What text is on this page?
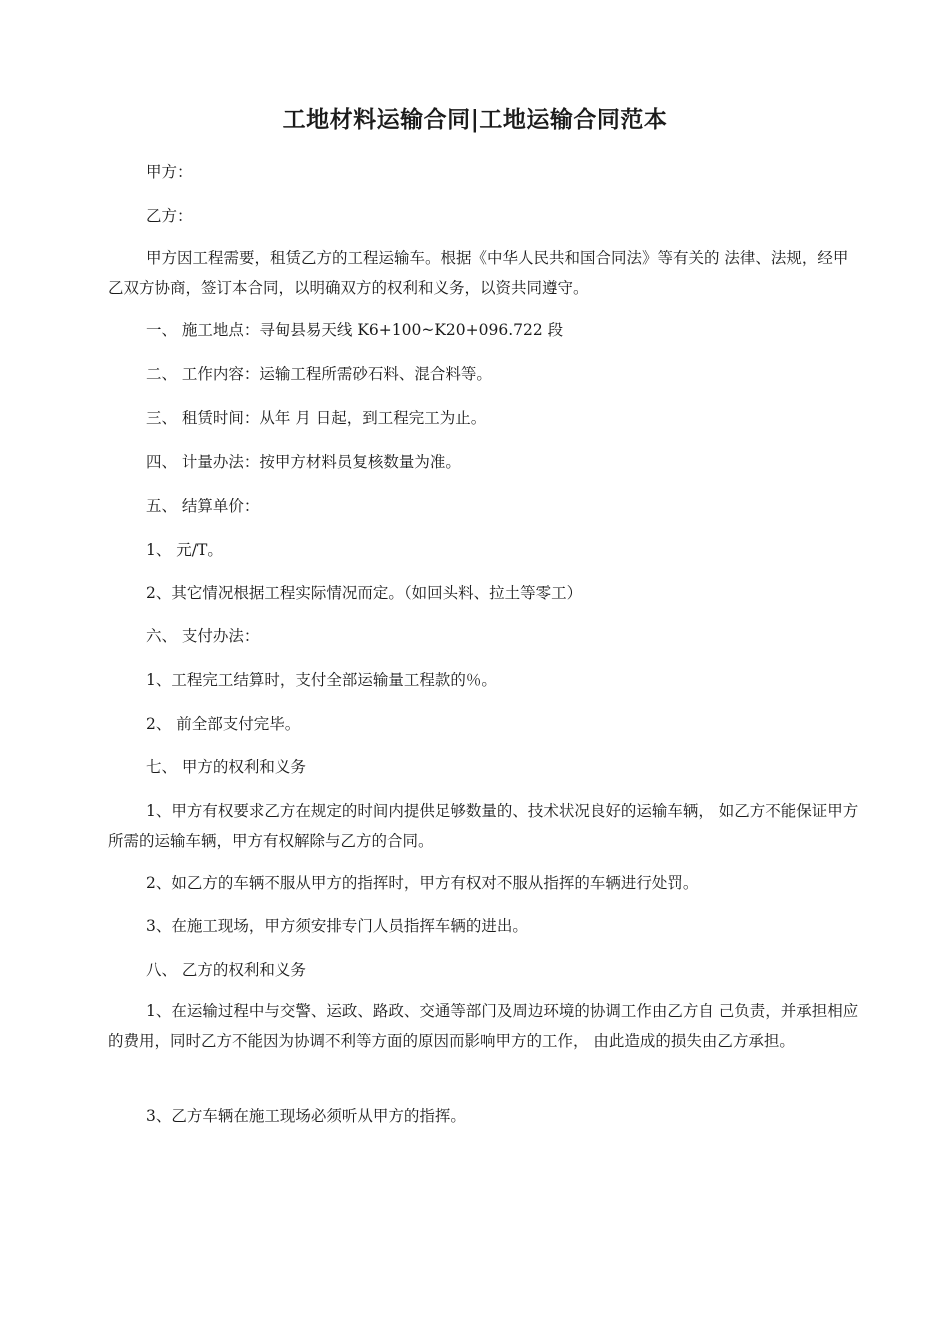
工地材料运输合同|工地运输合同范本

甲方：

乙方：

甲方因工程需要，租赁乙方的工程运输车。根据《中华人民共和国合同法》等有关的 法律、法规，经甲乙双方协商，签订本合同，以明确双方的权利和义务，以资共同遵守。

一、 施工地点：寻甸县易天线 K6+100~K20+096.722 段

二、 工作内容：运输工程所需砂石料、混合料等。

三、 租赁时间：从年 月 日起，到工程完工为止。

四、 计量办法：按甲方材料员复核数量为准。

五、 结算单价：

1、 元/T。

2、其它情况根据工程实际情况而定。（如回头料、拉土等零工）

六、 支付办法：

1、工程完工结算时，支付全部运输量工程款的％。

2、 前全部支付完毕。

七、 甲方的权利和义务

1、甲方有权要求乙方在规定的时间内提供足够数量的、技术状况良好的运输车辆， 如乙方不能保证甲方所需的运输车辆，甲方有权解除与乙方的合同。

2、如乙方的车辆不服从甲方的指挥时，甲方有权对不服从指挥的车辆进行处罚。

3、在施工现场，甲方须安排专门人员指挥车辆的进出。

八、 乙方的权利和义务

1、在运输过程中与交警、运政、路政、交通等部门及周边环境的协调工作由乙方自 己负责，并承担相应的费用，同时乙方不能因为协调不利等方面的原因而影响甲方的工作， 由此造成的损失由乙方承担。

3、乙方车辆在施工现场必须听从甲方的指挥。
